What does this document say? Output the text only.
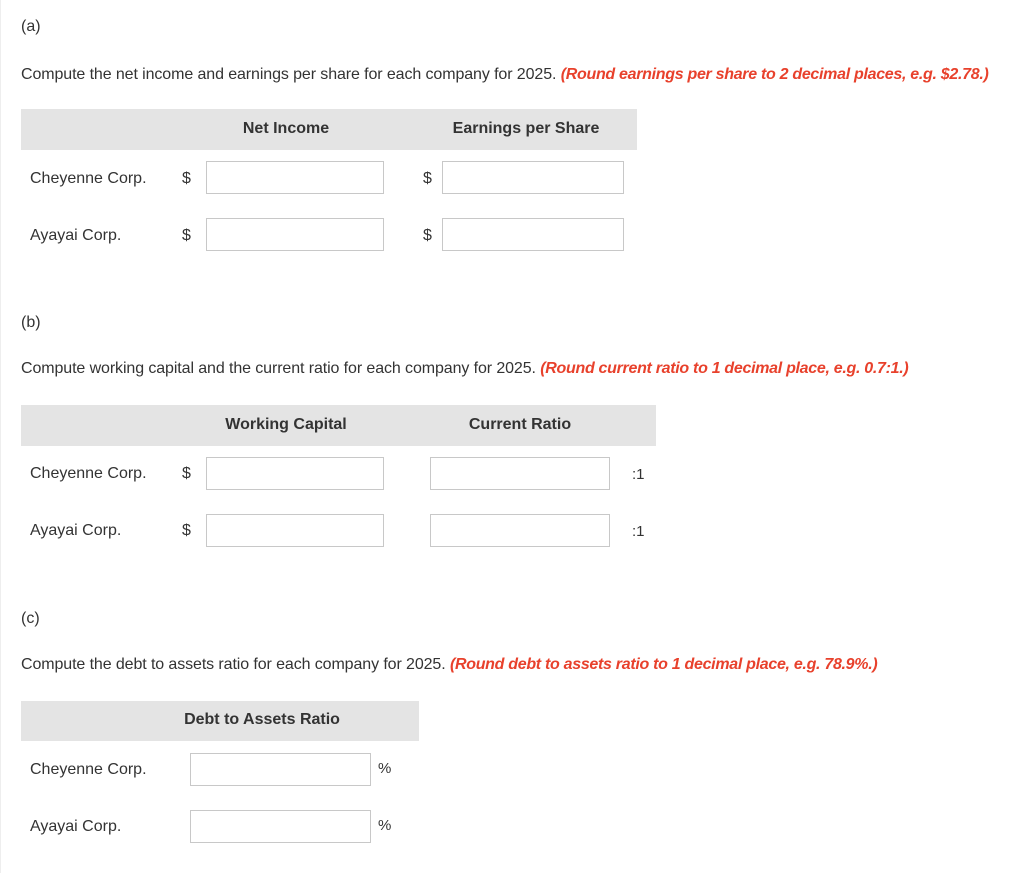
(a)
Compute the net income and earnings per share for each company for 2025. (Round earnings per share to 2 decimal places, e.g. $2.78.)
Net Income	Earnings per Share
Cheyenne Corp. $	$
Ayayai Corp.	$	$
(b)
Compute working capital and the current ratio for each company for 2025. (Round current ratio to 1 decimal place, e.g. 0.7:1.)
Working Capital	Current Ratio
Cheyenne Corp. $	:1
Ayayai Corp.	$	:1
(c)
Compute the debt to assets ratio for each company for 2025. (Round debt to assets ratio to 1 decimal place, e.g. 78.9%.)
Debt to Assets Ratio
Cheyenne Corp.	%
Ayayai Corp.	%
